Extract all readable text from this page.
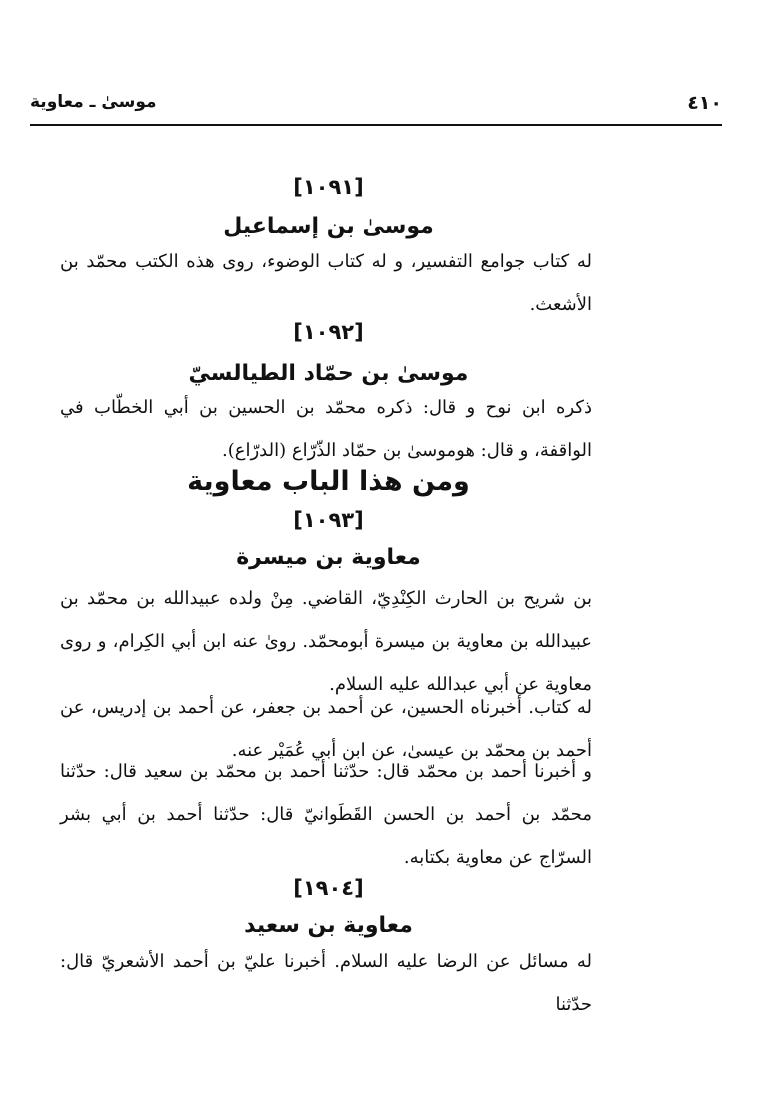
٤١٠
موسىٰ ـ معاوية
[١٠٩١]
موسىٰ بن إسماعيل

له كتاب جوامع التفسير، و له كتاب الوضوء، روى هذه الكتب محمّد بن الأشعث.

[١٠٩٢]
موسىٰ بن حمّاد الطيالسيّ

ذكره ابن نوح و قال: ذكره محمّد بن الحسين بن أبي الخطّاب في الواقفة، و قال: هوموسىٰ بن حمّاد الذّرّاع (الدرّاع).

ومن هذا الباب معاوية
[١٠٩٣]
معاوية بن ميسرة

بن شريح بن الحارث الكِنْدِيّ، القاضي. مِنْ ولده عبيدالله بن محمّد بن عبيدالله بن معاوية بن ميسرة أبومحمّد. روىٰ عنه ابن أبي الكِرام، و روى معاوية عن أبي عبدالله عليه السلام.

له كتاب. أخبرناه الحسين، عن أحمد بن جعفر، عن أحمد بن إدريس، عن أحمد بن محمّد بن عيسىٰ، عن ابن أبي عُمَيْر عنه.

و أخبرنا أحمد بن محمّد قال: حدّثنا أحمد بن محمّد بن سعيد قال: حدّثنا محمّد بن أحمد بن الحسن القَطَوانيّ قال: حدّثنا أحمد بن أبي بشر السرّاج عن معاوية بكتابه.

[١٩٠٤]
معاوية بن سعيد

له مسائل عن الرضا عليه السلام. أخبرنا عليّ بن أحمد الأشعريّ قال: حدّثنا
